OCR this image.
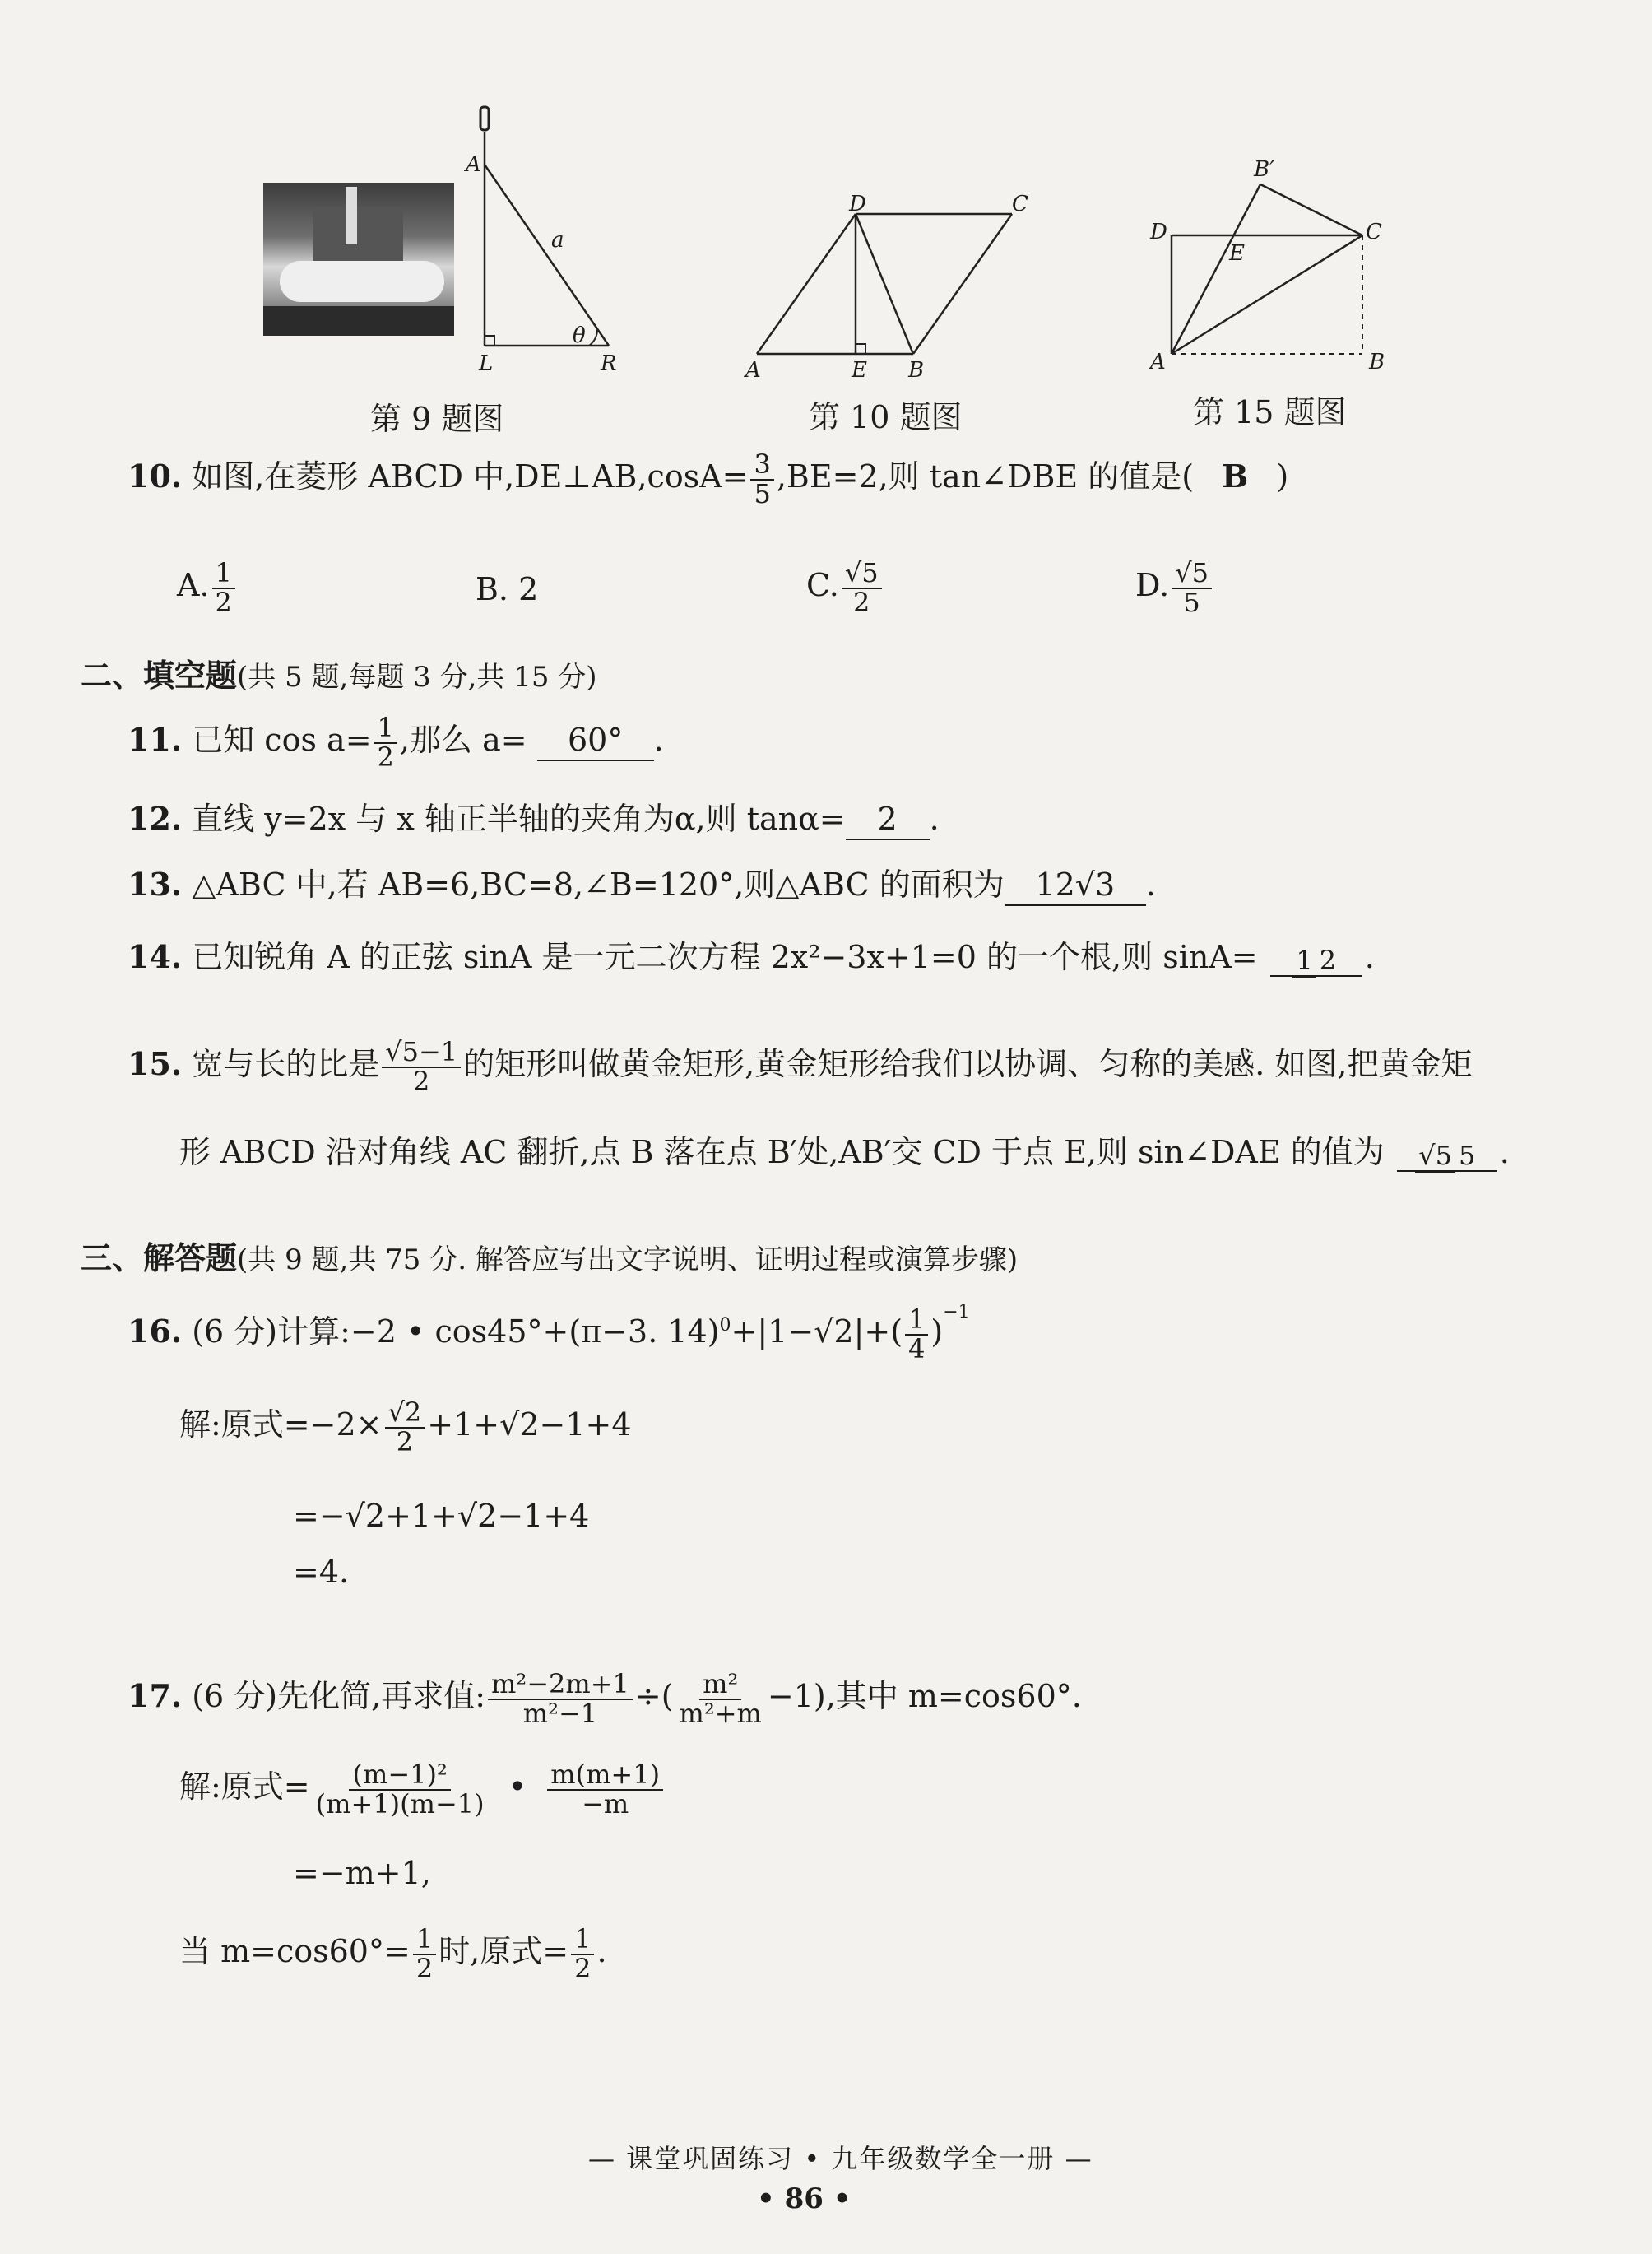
A
a
θ
L	R
第 9 题图
A	E B
D	C
第 10 题图
D
E
C
B′
A	B
第 15 题图
10. 如图,在菱形 ABCD 中,DE⊥AB,cosA= $\frac{3}{5} ,BE=2$,则 tan∠DBE 的值是( B )
A. $\frac{1}{2}$	B. 2	C. $\frac{√5}{2}$	D. $\frac{√5}{5}$
二、填空题(共 5 题,每题 3 分,共 15 分)
11. 已知 $\cos a= \frac{1}{2}$ ,那么 a= 60° .
12. 直线 y=2x 与 x 轴正半轴的夹角为α,则 tanα= 2 .
13. △ABC 中,若 AB=6,BC=8,∠B=120°,则△ABC 的面积为 12√3 .
14. 已知锐角 A 的正弦 sinA 是一元二次方程 2x²−3x+1=0 的一个根,则 sinA= 1 2 .
15. 宽与长的比是 $\frac{√5-1}{2}$ 的矩形叫做黄金矩形,黄金矩形给我们以协调、匀称的美感. 如图,把黄金矩
形 ABCD 沿对角线 AC 翻折,点 B 落在点 B′处,AB′交 CD 于点 E,则 sin∠DAE 的值为 √5 5 .
三、解答题(共 9 题,共 75 分. 解答应写出文字说明、证明过程或演算步骤)
16. (6 分)计算:−2 • cos45°+(π−3. $14)^0+|1-√2|+( \frac{1}{4} )^{-1}$
解:原式$=-2\times \frac{√2}{2} +1+√2-1+4$
=−√2+1+√2−1+4
=4.
17. (6 分)先化简,再求值: $\frac{\text{m²−2m+1}}{\text{m²−1}}$ ÷( $\frac{\text{m²}}{\text{m²+m}} -1$),其中 m=cos60°.
解:原式= $\frac{\text{(m−1)²}}{(m+1)(m-1)}$ • $\frac{m(m+1)}{-m}$
=−m+1,
当 $m=\cos 60^\circ= \frac{1}{2}$ 时,原式= $\frac{1}{2}$ .
— 课堂巩固练习 • 九年级数学全一册 —
• 86 •
